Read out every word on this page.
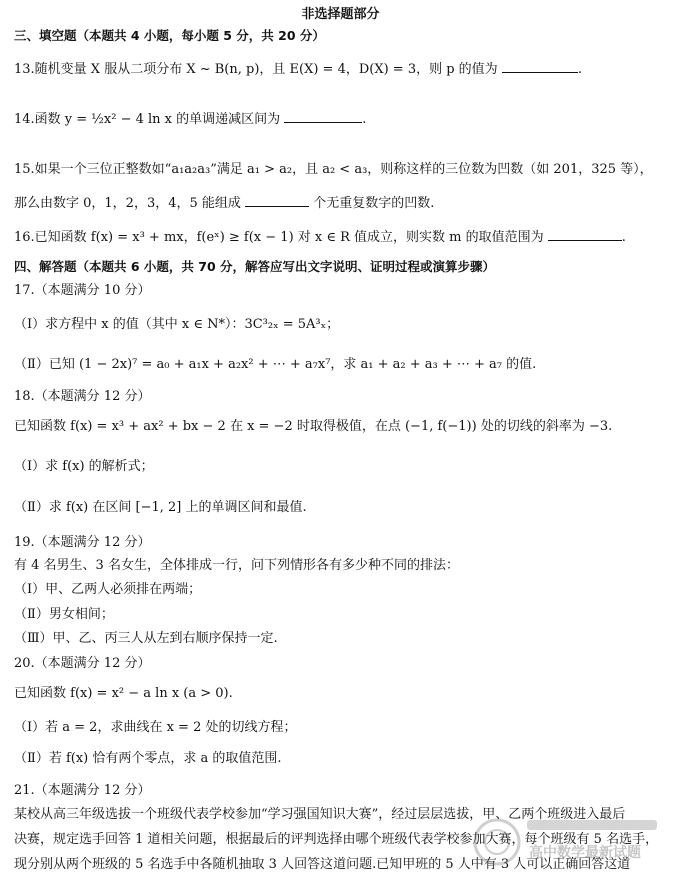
非选择题部分
三、填空题（本题共 4 小题，每小题 5 分，共 20 分）
13.随机变量 X 服从二项分布 X ~ B(n, p)，且 E(X) = 4，D(X) = 3，则 p 的值为	.
14.函数 y = ½x² − 4 ln x 的单调递减区间为	.
15.如果一个三位正整数如“a₁a₂a₃”满足 a₁ > a₂，且 a₂ < a₃，则称这样的三位数为凹数（如 201，325 等），
那么由数字 0，1，2，3，4，5 能组成	个无重复数字的凹数.
16.已知函数 f(x) = x³ + mx，f(eˣ) ≥ f(x − 1) 对 x ∈ R 值成立，则实数 m 的取值范围为	.
四、解答题（本题共 6 小题，共 70 分，解答应写出文字说明、证明过程或演算步骤）
17.（本题满分 10 分）
（Ⅰ）求方程中 x 的值（其中 x ∈ N*）：3C³₂ₓ = 5A³ₓ；
（Ⅱ）已知 (1 − 2x)⁷ = a₀ + a₁x + a₂x² + ⋯ + a₇x⁷，求 a₁ + a₂ + a₃ + ⋯ + a₇ 的值.
18.（本题满分 12 分）
已知函数 f(x) = x³ + ax² + bx − 2 在 x = −2 时取得极值，在点 (−1, f(−1)) 处的切线的斜率为 −3.
（Ⅰ）求 f(x) 的解析式；
（Ⅱ）求 f(x) 在区间 [−1, 2] 上的单调区间和最值.
19.（本题满分 12 分）
有 4 名男生、3 名女生，全体排成一行，问下列情形各有多少种不同的排法：
（Ⅰ）甲、乙两人必须排在两端；
（Ⅱ）男女相间；
（Ⅲ）甲、乙、丙三人从左到右顺序保持一定.
20.（本题满分 12 分）
已知函数 f(x) = x² − a ln x (a > 0).
（Ⅰ）若 a = 2，求曲线在 x = 2 处的切线方程；
（Ⅱ）若 f(x) 恰有两个零点，求 a 的取值范围.
21.（本题满分 12 分）
某校从高三年级选拔一个班级代表学校参加“学习强国知识大赛”，经过层层选拔，甲、乙两个班级进入最后
决赛，规定选手回答 1 道相关问题，根据最后的评判选择由哪个班级代表学校参加大赛，每个班级有 5 名选手，
现分别从两个班级的 5 名选手中各随机抽取 3 人回答这道问题.已知甲班的 5 人中有 3 人可以正确回答这道
高中数学最新试题
